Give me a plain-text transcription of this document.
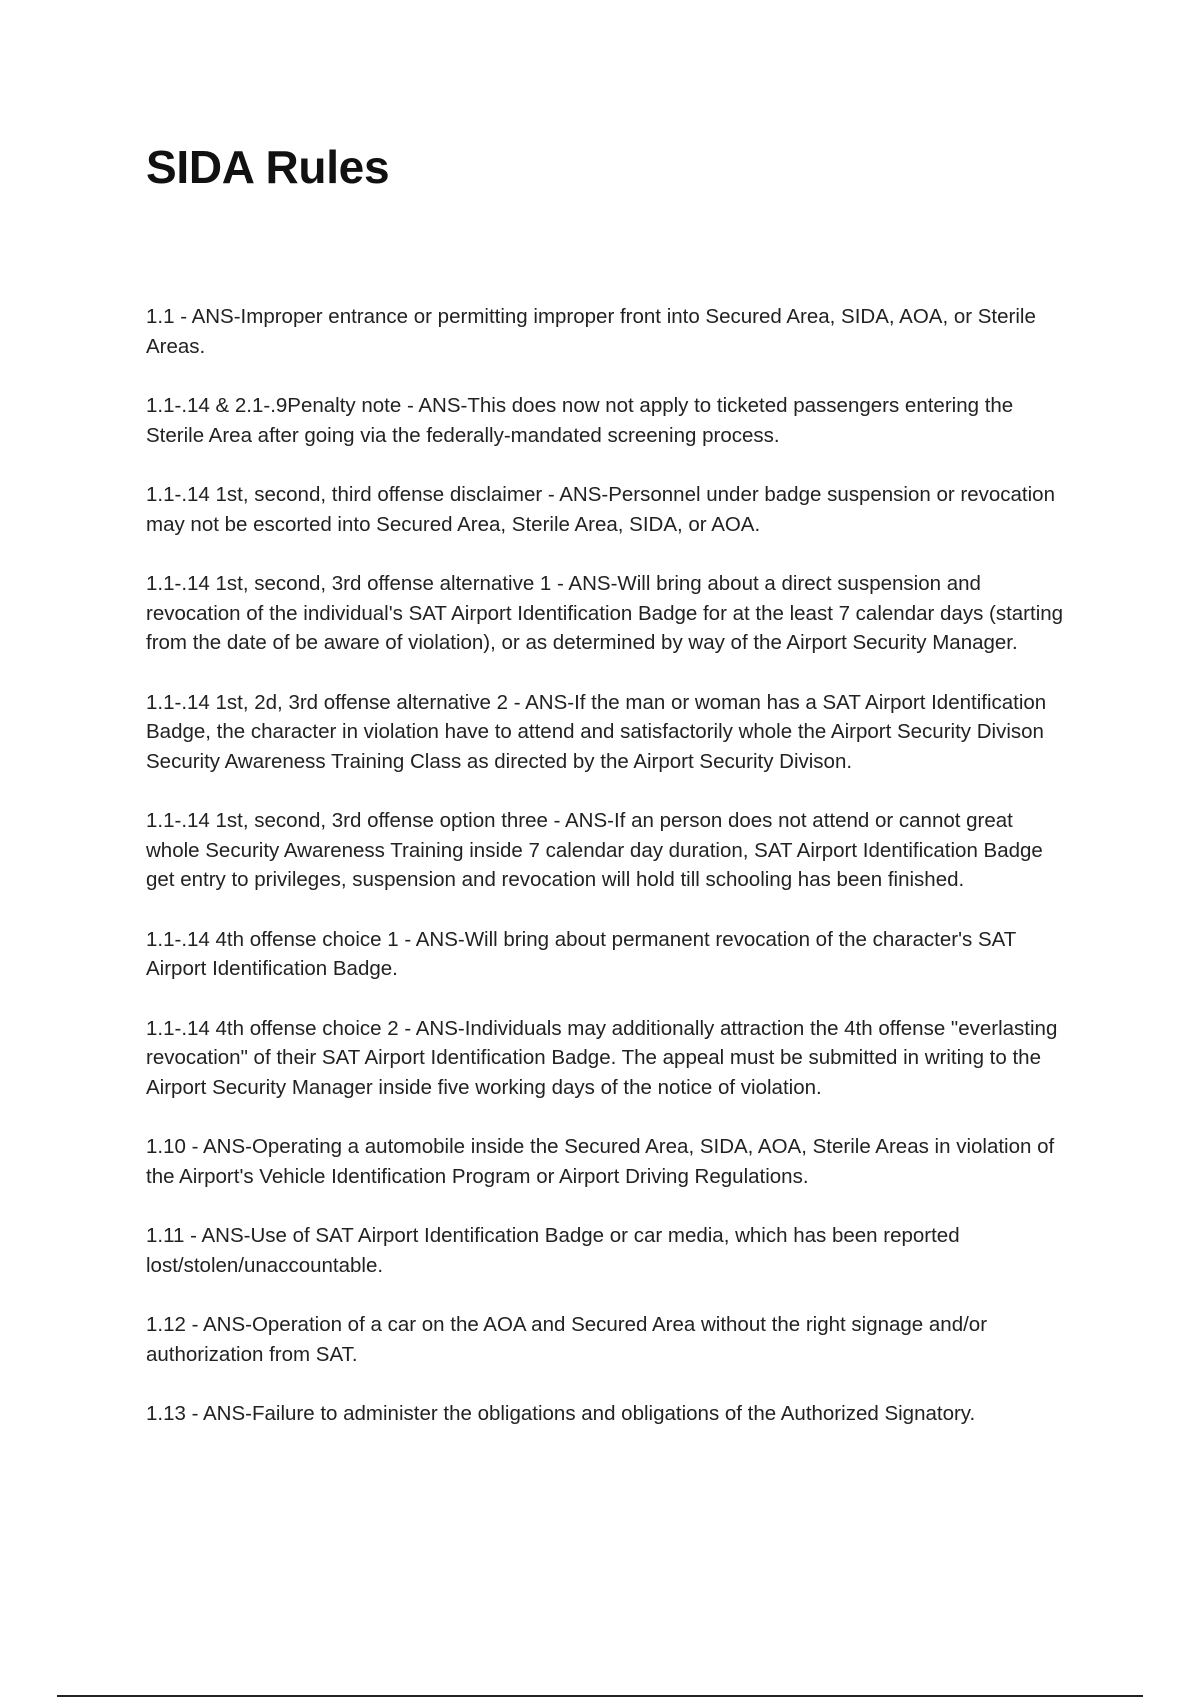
SIDA Rules

1.1 - ANS-Improper entrance or permitting improper front into Secured Area, SIDA, AOA, or Sterile Areas.

1.1-.14 & 2.1-.9Penalty note - ANS-This does now not apply to ticketed passengers entering the Sterile Area after going via the federally-mandated screening process.

1.1-.14 1st, second, third offense disclaimer - ANS-Personnel under badge suspension or revocation may not be escorted into Secured Area, Sterile Area, SIDA, or AOA.

1.1-.14 1st, second, 3rd offense alternative 1 - ANS-Will bring about a direct suspension and revocation of the individual's SAT Airport Identification Badge for at the least 7 calendar days (starting from the date of be aware of violation), or as determined by way of the Airport Security Manager.

1.1-.14 1st, 2d, 3rd offense alternative 2 - ANS-If the man or woman has a SAT Airport Identification Badge, the character in violation have to attend and satisfactorily whole the Airport Security Divison Security Awareness Training Class as directed by the Airport Security Divison.

1.1-.14 1st, second, 3rd offense option three - ANS-If an person does not attend or cannot great whole Security Awareness Training inside 7 calendar day duration, SAT Airport Identification Badge get entry to privileges, suspension and revocation will hold till schooling has been finished.

1.1-.14 4th offense choice 1 - ANS-Will bring about permanent revocation of the character's SAT Airport Identification Badge.

1.1-.14 4th offense choice 2 - ANS-Individuals may additionally attraction the 4th offense "everlasting revocation" of their SAT Airport Identification Badge. The appeal must be submitted in writing to the Airport Security Manager inside five working days of the notice of violation.

1.10 - ANS-Operating a automobile inside the Secured Area, SIDA, AOA, Sterile Areas in violation of the Airport's Vehicle Identification Program or Airport Driving Regulations.

1.11 - ANS-Use of SAT Airport Identification Badge or car media, which has been reported lost/stolen/unaccountable.

1.12 - ANS-Operation of a car on the AOA and Secured Area without the right signage and/or authorization from SAT.

1.13 - ANS-Failure to administer the obligations and obligations of the Authorized Signatory.
